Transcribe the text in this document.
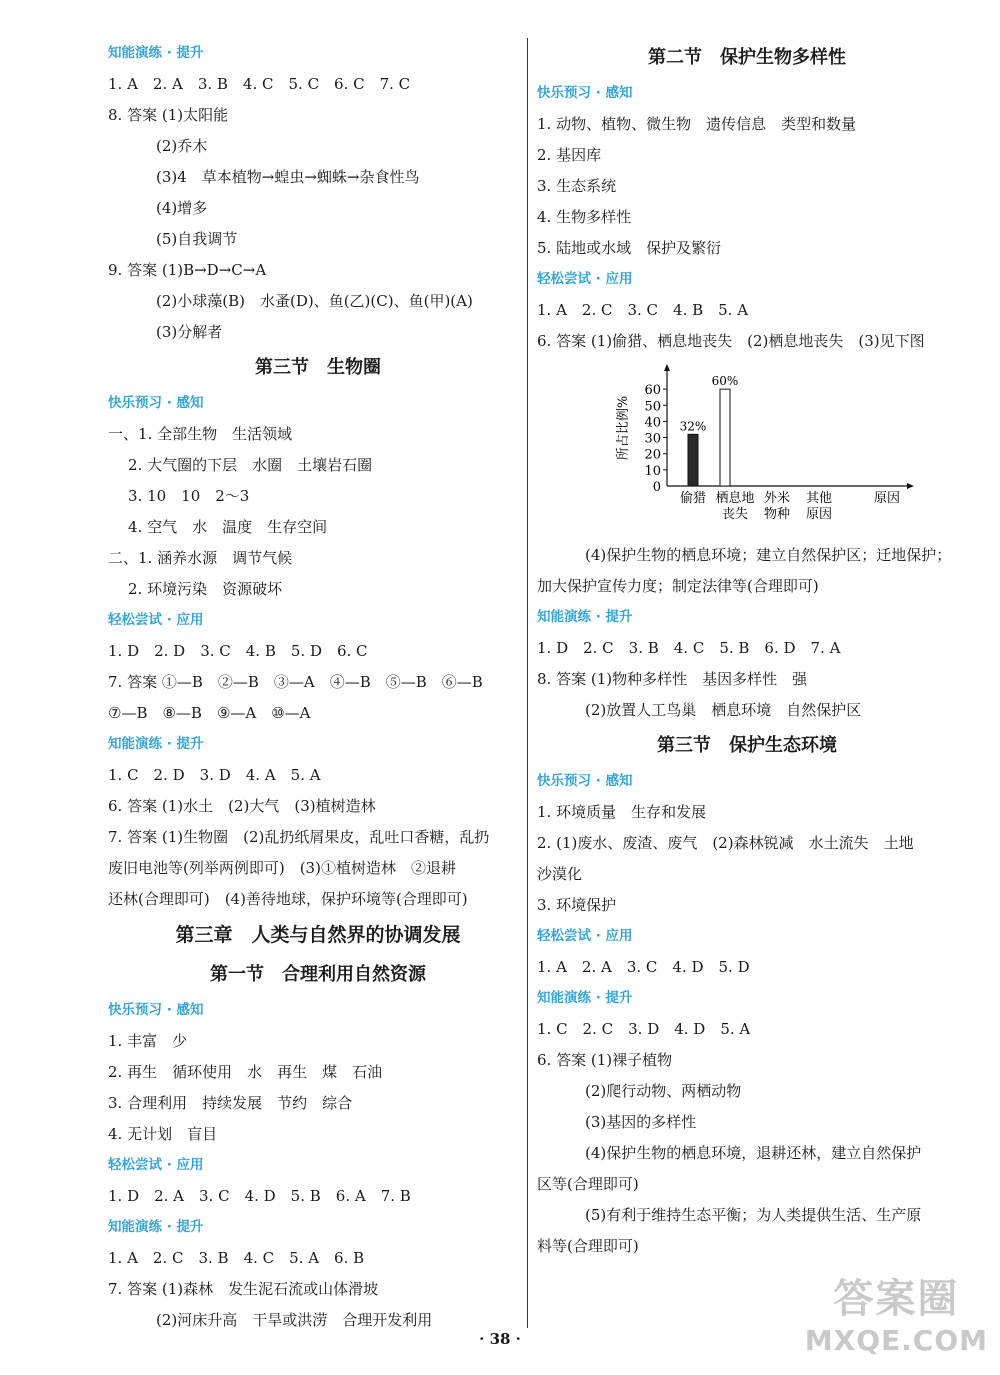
知能演练 · 提升
1. A　2. A　3. B　4. C　5. C　6. C　7. C
8. 答案 (1)太阳能
(2)乔木
(3)4　草本植物→蝗虫→蜘蛛→杂食性鸟
(4)增多
(5)自我调节
9. 答案 (1)B→D→C→A
(2)小球藻(B)　水蚤(D)、鱼(乙)(C)、鱼(甲)(A)
(3)分解者
第三节　生物圈
快乐预习 · 感知
一、1. 全部生物　生活领域
2. 大气圈的下层　水圈　土壤岩石圈
3. 10　10　2～3
4. 空气　水　温度　生存空间
二、1. 涵养水源　调节气候
2. 环境污染　资源破坏
轻松尝试 · 应用
1. D　2. D　3. C　4. B　5. D　6. C
7. 答案 ①—B　②—B　③—A　④—B　⑤—B　⑥—B
⑦—B　⑧—B　⑨—A　⑩—A
知能演练 · 提升
1. C　2. D　3. D　4. A　5. A
6. 答案 (1)水土　(2)大气　(3)植树造林
7. 答案 (1)生物圈　(2)乱扔纸屑果皮，乱吐口香糖，乱扔
废旧电池等(列举两例即可)　(3)①植树造林　②退耕
还林(合理即可)　(4)善待地球，保护环境等(合理即可)
第三章　人类与自然界的协调发展
第一节　合理利用自然资源
快乐预习 · 感知
1. 丰富　少
2. 再生　循环使用　水　再生　煤　石油
3. 合理利用　持续发展　节约　综合
4. 无计划　盲目
轻松尝试 · 应用
1. D　2. A　3. C　4. D　5. B　6. A　7. B
知能演练 · 提升
1. A　2. C　3. B　4. C　5. A　6. B
7. 答案 (1)森林　发生泥石流或山体滑坡
(2)河床升高　干旱或洪涝　合理开发利用
第二节　保护生物多样性
快乐预习 · 感知
1. 动物、植物、微生物　遗传信息　类型和数量
2. 基因库
3. 生态系统
4. 生物多样性
5. 陆地或水域　保护及繁衍
轻松尝试 · 应用
1. A　2. C　3. C　4. B　5. A
6. 答案 (1)偷猎、栖息地丧失　(2)栖息地丧失　(3)见下图
0
10
20
30
40
50
60
所占比例%
偷猎
32%
栖息地
丧失
60%
外米
物种
其他
原因
原因
(4)保护生物的栖息环境；建立自然保护区；迁地保护；
加大保护宣传力度；制定法律等(合理即可)
知能演练 · 提升
1. D　2. C　3. B　4. C　5. B　6. D　7. A
8. 答案 (1)物种多样性　基因多样性　强
(2)放置人工鸟巢　栖息环境　自然保护区
第三节　保护生态环境
快乐预习 · 感知
1. 环境质量　生存和发展
2. (1)废水、废渣、废气　(2)森林锐减　水土流失　土地
沙漠化
3. 环境保护
轻松尝试 · 应用
1. A　2. A　3. C　4. D　5. D
知能演练 · 提升
1. C　2. C　3. D　4. D　5. A
6. 答案 (1)裸子植物
(2)爬行动物、两栖动物
(3)基因的多样性
(4)保护生物的栖息环境，退耕还林，建立自然保护
区等(合理即可)
(5)有利于维持生态平衡；为人类提供生活、生产原
料等(合理即可)
· 38 ·
答案圈
MXQE.COM
